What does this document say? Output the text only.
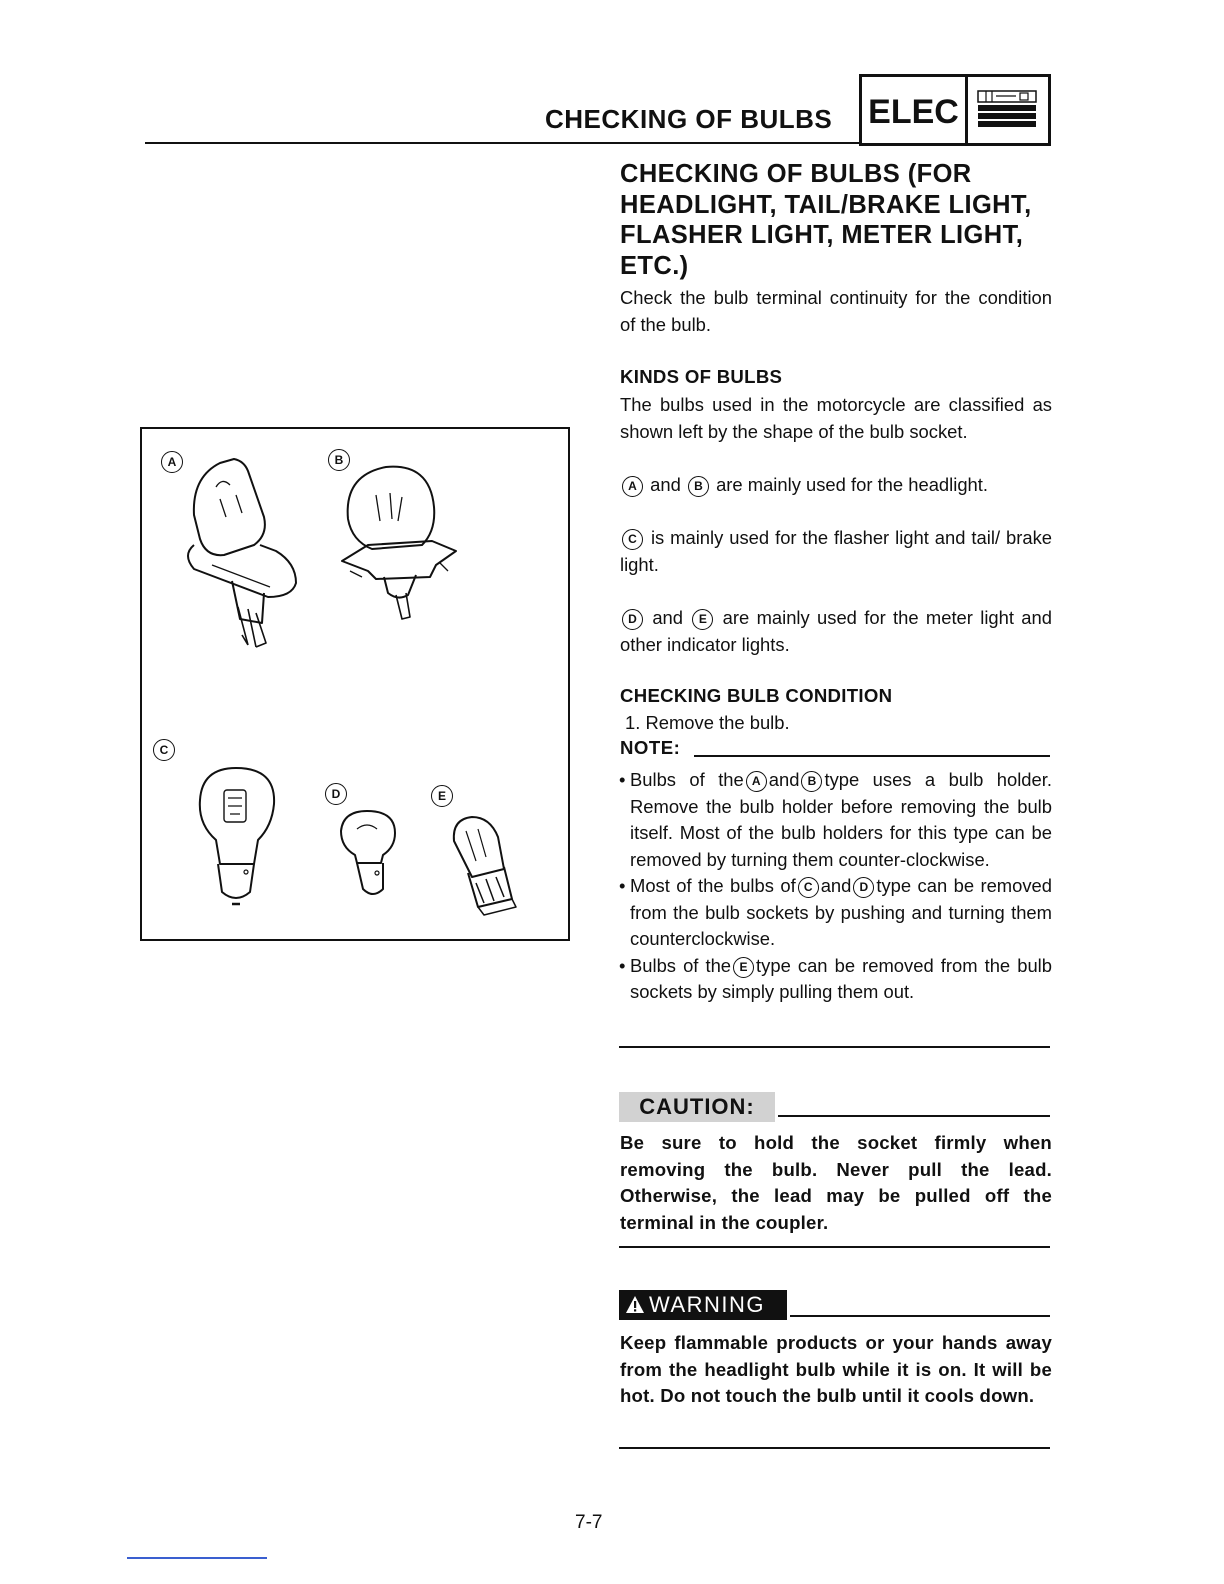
CHECKING OF BULBS ELEC
CHECKING OF BULBS (FOR HEADLIGHT, TAIL/BRAKE LIGHT, FLASHER LIGHT, METER LIGHT, ETC.)
Check the bulb terminal continuity for the condition of the bulb.
KINDS OF BULBS
The bulbs used in the motorcycle are classified as shown left by the shape of the bulb socket.
A and B are mainly used for the headlight.
C is mainly used for the flasher light and tail/ brake light.
D and E are mainly used for the meter light and other indicator lights.
CHECKING BULB CONDITION
1. Remove the bulb.
NOTE:
• Bulbs of the A and B type uses a bulb holder. Remove the bulb holder before removing the bulb itself. Most of the bulb holders for this type can be removed by turning them counter-clockwise.
• Most of the bulbs of C and D type can be removed from the bulb sockets by pushing and turning them counterclockwise.
• Bulbs of the E type can be removed from the bulb sockets by simply pulling them out.
CAUTION:
Be sure to hold the socket firmly when removing the bulb. Never pull the lead. Otherwise, the lead may be pulled off the terminal in the coupler.
WARNING
Keep flammable products or your hands away from the headlight bulb while it is on. It will be hot. Do not touch the bulb until it cools down.
A	B
C
D	E
7-7
